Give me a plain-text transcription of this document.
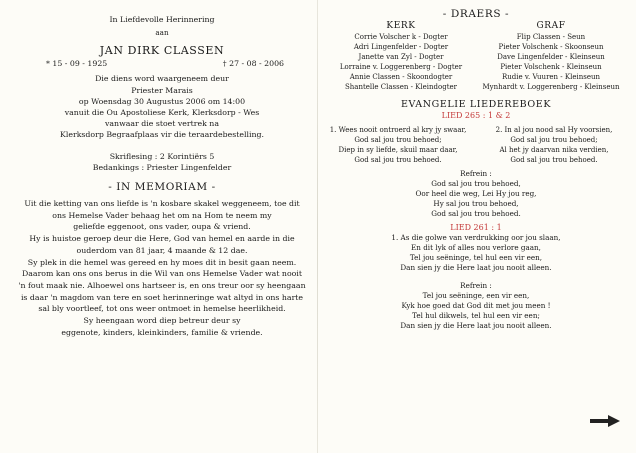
In Liefdevolle Herinnering
aan
JAN DIRK CLASSEN
* 15 - 09 - 1925	† 27 - 08 - 2006
Die diens word waargeneem deur
Priester Marais
op Woensdag 30 Augustus 2006 om 14:00
vanuit die Ou Apostoliese Kerk, Klerksdorp - Wes
vanwaar die stoet vertrek na
Klerksdorp Begraafplaas vir die teraardebestelling.
Skriflesing : 2 Korintiërs 5
Bedankings : Priester Lingenfelder
- IN MEMORIAM -
Uit die ketting van ons liefde is 'n kosbare skakel weggeneem, toe dit
ons Hemelse Vader behaag het om na Hom te neem my
geliefde eggenoot, ons vader, oupa & vriend.
Hy is huistoe geroep deur die Here, God van hemel en aarde in die
ouderdom van 81 jaar, 4 maande & 12 dae.
Sy plek in die hemel was gereed en hy moes dit in besit gaan neem.
Daarom kan ons ons berus in die Wil van ons Hemelse Vader wat nooit
'n fout maak nie. Alhoewel ons hartseer is, en ons treur oor sy heengaan
is daar 'n magdom van tere en soet herinneringe wat altyd in ons harte
sal bly voortleef, tot ons weer ontmoet in hemelse heerlikheid.
Sy heengaan word diep betreur deur sy
eggenote, kinders, kleinkinders, familie & vriende.
- DRAERS -
KERK
Corrie Volscher k - Dogter
Adri Lingenfelder - Dogter
Janette van Zyl - Dogter
Lorraine v. Loggerenberg - Dogter
Annie Classen - Skoondogter
Shantelle Classen - Kleindogter
GRAF
Flip Classen - Seun
Pieter Volschenk - Skoonseun
Dave Lingenfelder - Kleinseun
Pieter Volschenk - Kleinseun
Rudie v. Vuuren - Kleinseun
Mynhardt v. Loggerenberg - Kleinseun
EVANGELIE LIEDEREBOEK
LIED 265 : 1 & 2
1. Wees nooit ontroerd al kry jy swaar,
God sal jou trou behoed;
Diep in sy liefde, skuil maar daar,
God sal jou trou behoed.
2. In al jou nood sal Hy voorsien,
God sal jou trou behoed;
Al het jy daarvan nika verdien,
God sal jou trou behoed.
Refrein :
God sal jou trou behoed,
Oor heel die weg, Lei Hy jou reg,
Hy sal jou trou behoed,
God sal jou trou behoed.
LIED 261 : 1
1. As die golwe van verdrukking oor jou slaan,
En dit lyk of alles nou verlore gaan,
Tel jou seëninge, tel hul een vir een,
Dan sien jy die Here laat jou nooit alleen.
Refrein :
Tel jou seëninge, een vir een,
Kyk hoe goed dat God dit met jou meen !
Tel hul dikwels, tel hul een vir een;
Dan sien jy die Here laat jou nooit alleen.
